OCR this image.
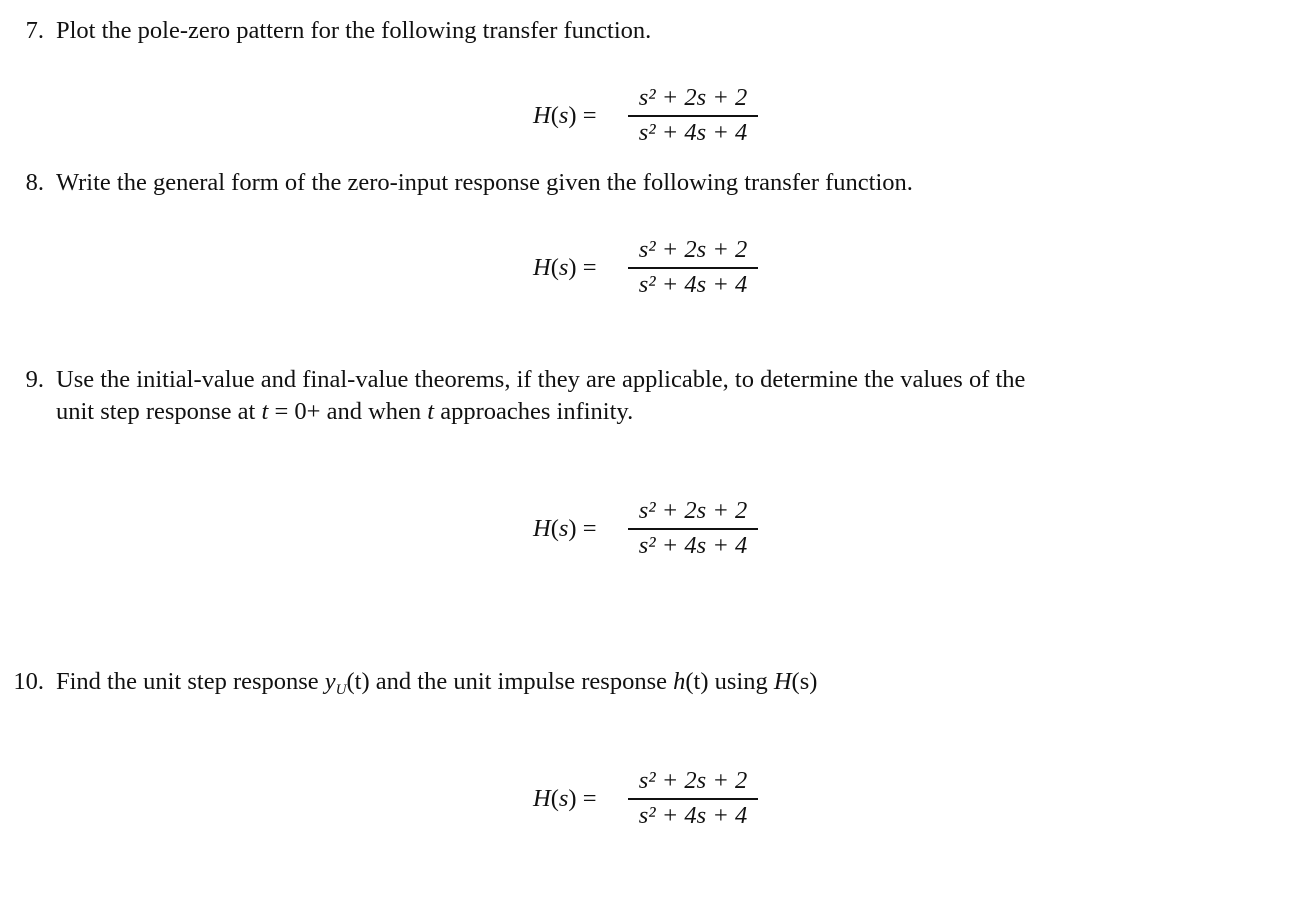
7. Plot the pole-zero pattern for the following transfer function.
H(s) =
s² + 2s + 2
s² + 4s + 4
8. Write the general form of the zero-input response given the following transfer function.
H(s) =
s² + 2s + 2
s² + 4s + 4
9. Use the initial-value and final-value theorems, if they are applicable, to determine the values of the
unit step response at t = 0+ and when t approaches infinity.
H(s) =
s² + 2s + 2
s² + 4s + 4
10. Find the unit step response $y_U(t)$ and the unit impulse response h(t) using H(s)
H(s) =
s² + 2s + 2
s² + 4s + 4
